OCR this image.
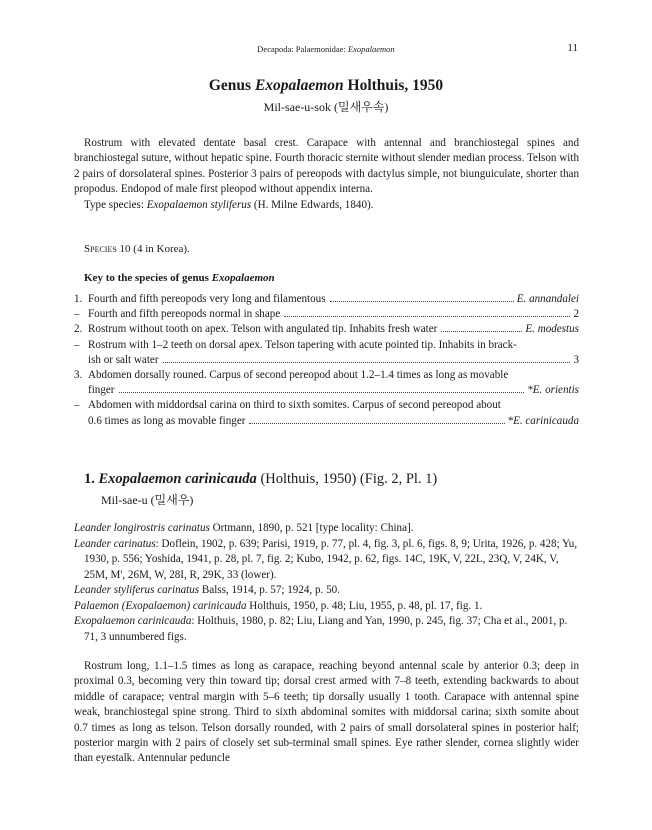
Decapoda: Palaemonidae: Exopalaemon	11
Genus Exopalaemon Holthuis, 1950
Mil-sae-u-sok (밀새우속)

Rostrum with elevated dentate basal crest. Carapace with antennal and branchiostegal spines and branchiostegal suture, without hepatic spine. Fourth thoracic sternite without slender median process. Telson with 2 pairs of dorsolateral spines. Posterior 3 pairs of pereopods with dactylus simple, not biunguiculate, shorter than propodus. Endopod of male first pleopod without appendix interna.

Type species: Exopalaemon styliferus (H. Milne Edwards, 1840).

Species 10 (4 in Korea).
Key to the species of genus Exopalaemon
1. Fourth and fifth pereopods very long and filamentous	E. annandalei
– Fourth and fifth pereopods normal in shape	2
2. Rostrum without tooth on apex. Telson with angulated tip. Inhabits fresh water	E. modestus
– Rostrum with 1–2 teeth on dorsal apex. Telson tapering with acute pointed tip. Inhabits in brack-
ish or salt water	3
3. Abdomen dorsally rouned. Carpus of second pereopod about 1.2–1.4 times as long as movable
finger	*E. orientis
– Abdomen with middordsal carina on third to sixth somites. Carpus of second pereopod about
0.6 times as long as movable finger	*E. carinicauda
1. Exopalaemon carinicauda (Holthuis, 1950) (Fig. 2, Pl. 1)
Mil-sae-u (밀새우)

Leander longirostris carinatus Ortmann, 1890, p. 521 [type locality: China].

Leander carinatus: Doflein, 1902, p. 639; Parisi, 1919, p. 77, pl. 4, fig. 3, pl. 6, figs. 8, 9; Urita, 1926, p. 428; Yu, 1930, p. 556; Yoshida, 1941, p. 28, pl. 7, fig. 2; Kubo, 1942, p. 62, figs. 14C, 19K, V, 22L, 23Q, V, 24K, V, 25M, M', 26M, W, 28I, R, 29K, 33 (lower).

Leander styliferus carinatus Balss, 1914, p. 57; 1924, p. 50.

Palaemon (Exopalaemon) carinicauda Holthuis, 1950, p. 48; Liu, 1955, p. 48, pl. 17, fig. 1.

Exopalaemon carinicauda: Holthuis, 1980, p. 82; Liu, Liang and Yan, 1990, p. 245, fig. 37; Cha et al., 2001, p. 71, 3 unnumbered figs.

Rostrum long, 1.1–1.5 times as long as carapace, reaching beyond antennal scale by anterior 0.3; deep in proximal 0.3, becoming very thin toward tip; dorsal crest armed with 7–8 teeth, extending backwards to about middle of carapace; ventral margin with 5–6 teeth; tip dorsally usually 1 tooth. Carapace with antennal spine weak, branchiostegal spine strong. Third to sixth abdominal somites with middorsal carina; sixth somite about 0.7 times as long as telson. Telson dorsally rounded, with 2 pairs of small dorsolateral spines in posterior half; posterior margin with 2 pairs of closely set sub-terminal small spines. Eye rather slender, cornea slightly wider than eyestalk. Antennular peduncle
